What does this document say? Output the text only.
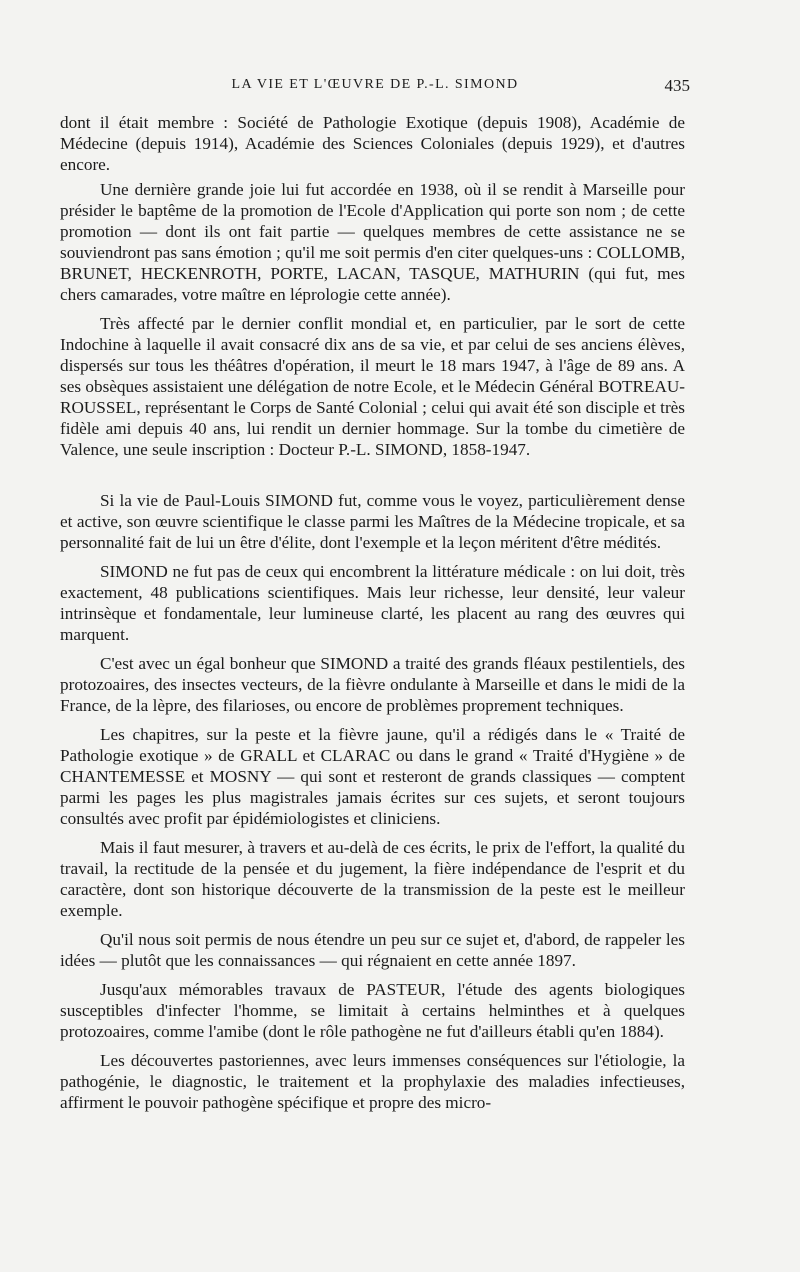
LA VIE ET L'ŒUVRE DE P.-L. SIMOND	435

dont il était membre : Société de Pathologie Exotique (depuis 1908), Académie de Médecine (depuis 1914), Académie des Sciences Coloniales (depuis 1929), et d'autres encore.

Une dernière grande joie lui fut accordée en 1938, où il se rendit à Marseille pour présider le baptême de la promotion de l'Ecole d'Application qui porte son nom ; de cette promotion — dont ils ont fait partie — quelques membres de cette assistance ne se souviendront pas sans émotion ; qu'il me soit permis d'en citer quelques-uns : COLLOMB, BRUNET, HECKENROTH, PORTE, LACAN, TASQUE, MATHURIN (qui fut, mes chers camarades, votre maître en léprologie cette année).

Très affecté par le dernier conflit mondial et, en particulier, par le sort de cette Indochine à laquelle il avait consacré dix ans de sa vie, et par celui de ses anciens élèves, dispersés sur tous les théâtres d'opération, il meurt le 18 mars 1947, à l'âge de 89 ans. A ses obsèques assistaient une délégation de notre Ecole, et le Médecin Général BOTREAU-ROUSSEL, représentant le Corps de Santé Colonial ; celui qui avait été son disciple et très fidèle ami depuis 40 ans, lui rendit un dernier hommage. Sur la tombe du cimetière de Valence, une seule inscription : Docteur P.-L. SIMOND, 1858-1947.

Si la vie de Paul-Louis SIMOND fut, comme vous le voyez, particulièrement dense et active, son œuvre scientifique le classe parmi les Maîtres de la Médecine tropicale, et sa personnalité fait de lui un être d'élite, dont l'exemple et la leçon méritent d'être médités.

SIMOND ne fut pas de ceux qui encombrent la littérature médicale : on lui doit, très exactement, 48 publications scientifiques. Mais leur richesse, leur densité, leur valeur intrinsèque et fondamentale, leur lumineuse clarté, les placent au rang des œuvres qui marquent.

C'est avec un égal bonheur que SIMOND a traité des grands fléaux pestilentiels, des protozoaires, des insectes vecteurs, de la fièvre ondulante à Marseille et dans le midi de la France, de la lèpre, des filarioses, ou encore de problèmes proprement techniques.

Les chapitres, sur la peste et la fièvre jaune, qu'il a rédigés dans le « Traité de Pathologie exotique » de GRALL et CLARAC ou dans le grand « Traité d'Hygiène » de CHANTEMESSE et MOSNY — qui sont et resteront de grands classiques — comptent parmi les pages les plus magistrales jamais écrites sur ces sujets, et seront toujours consultés avec profit par épidémiologistes et cliniciens.

Mais il faut mesurer, à travers et au-delà de ces écrits, le prix de l'effort, la qualité du travail, la rectitude de la pensée et du jugement, la fière indépendance de l'esprit et du caractère, dont son historique découverte de la transmission de la peste est le meilleur exemple.

Qu'il nous soit permis de nous étendre un peu sur ce sujet et, d'abord, de rappeler les idées — plutôt que les connaissances — qui régnaient en cette année 1897.

Jusqu'aux mémorables travaux de PASTEUR, l'étude des agents biologiques susceptibles d'infecter l'homme, se limitait à certains helminthes et à quelques protozoaires, comme l'amibe (dont le rôle pathogène ne fut d'ailleurs établi qu'en 1884).

Les découvertes pastoriennes, avec leurs immenses conséquences sur l'étiologie, la pathogénie, le diagnostic, le traitement et la prophylaxie des maladies infectieuses, affirment le pouvoir pathogène spécifique et propre des micro-
